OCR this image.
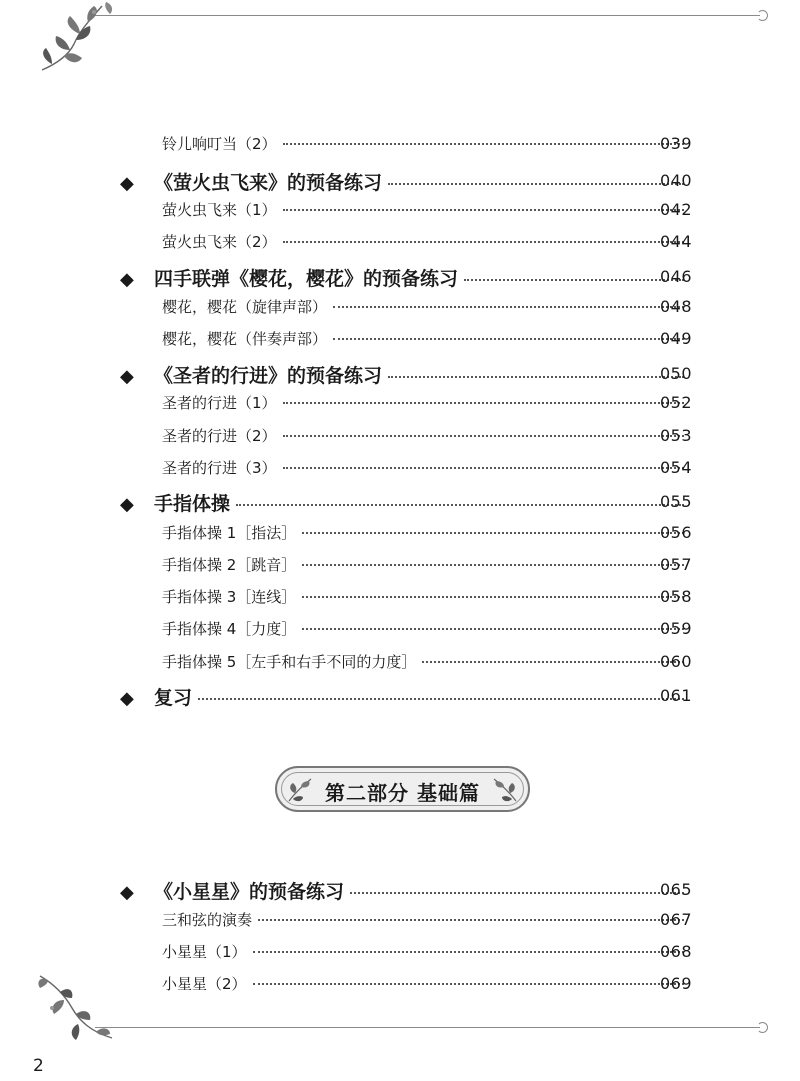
铃儿响叮当（2）	039
◆	《萤火虫飞来》的预备练习	040
萤火虫飞来（1）	042
萤火虫飞来（2）	044
◆	四手联弹《樱花，樱花》的预备练习	046
樱花，樱花（旋律声部）	048
樱花，樱花（伴奏声部）	049
◆	《圣者的行进》的预备练习	050
圣者的行进（1）	052
圣者的行进（2）	053
圣者的行进（3）	054
◆	手指体操	055
手指体操 1［指法］	056
手指体操 2［跳音］	057
手指体操 3［连线］	058
手指体操 4［力度］	059
手指体操 5［左手和右手不同的力度］	060
◆	复习	061
第二部分 基础篇
◆	《小星星》的预备练习	065
三和弦的演奏	067
小星星（1）	068
小星星（2）	069
2
